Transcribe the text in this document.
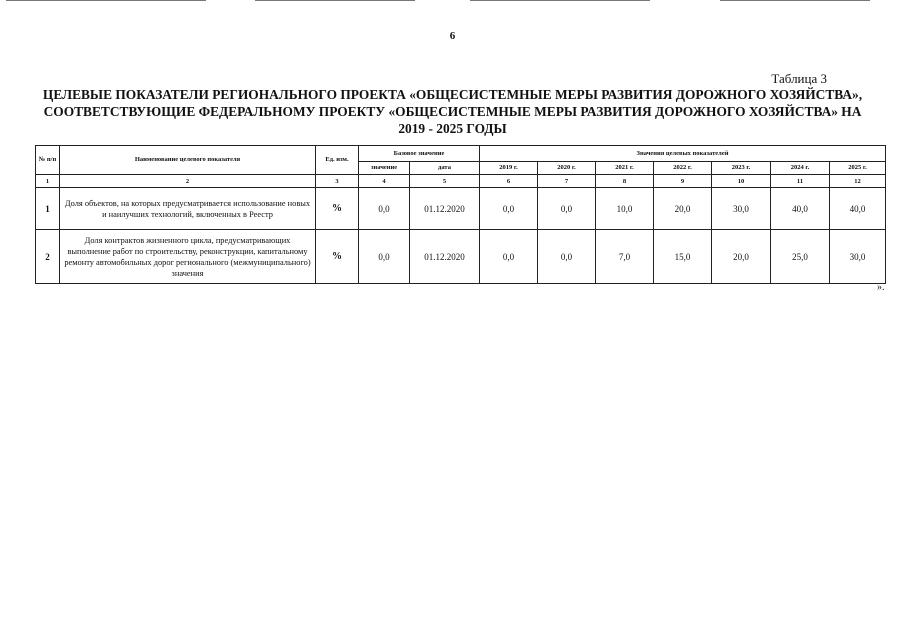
6
Таблица 3
ЦЕЛЕВЫЕ ПОКАЗАТЕЛИ РЕГИОНАЛЬНОГО ПРОЕКТА «ОБЩЕСИСТЕМНЫЕ МЕРЫ РАЗВИТИЯ ДОРОЖНОГО ХОЗЯЙСТВА», СООТВЕТСТВУЮЩИЕ ФЕДЕРАЛЬНОМУ ПРОЕКТУ «ОБЩЕСИСТЕМНЫЕ МЕРЫ РАЗВИТИЯ ДОРОЖНОГО ХОЗЯЙСТВА» НА 2019 - 2025 ГОДЫ
№ п/п	Наименование целевого показателя	Ед. изм.	Базовое значение		Значения целевых показателей						
			значение	дата	2019 г.	2020 г.	2021 г.	2022 г.	2023 г.	2024 г.	2025 г.
1	2	3	4	5	6	7	8	9	10	11	12
1	Доля объектов, на которых предусматривается использование новых и наилучших технологий, включенных в Реестр	%	0,0	01.12.2020	0,0	0,0	10,0	20,0	30,0	40,0	40,0
2	Доля контрактов жизненного цикла, предусматривающих выполнение работ по строительству, реконструкции, капитальному ремонту автомобильных дорог регионального (межмуниципального) значения	%	0,0	01.12.2020	0,0	0,0	7,0	15,0	20,0	25,0	30,0
».
